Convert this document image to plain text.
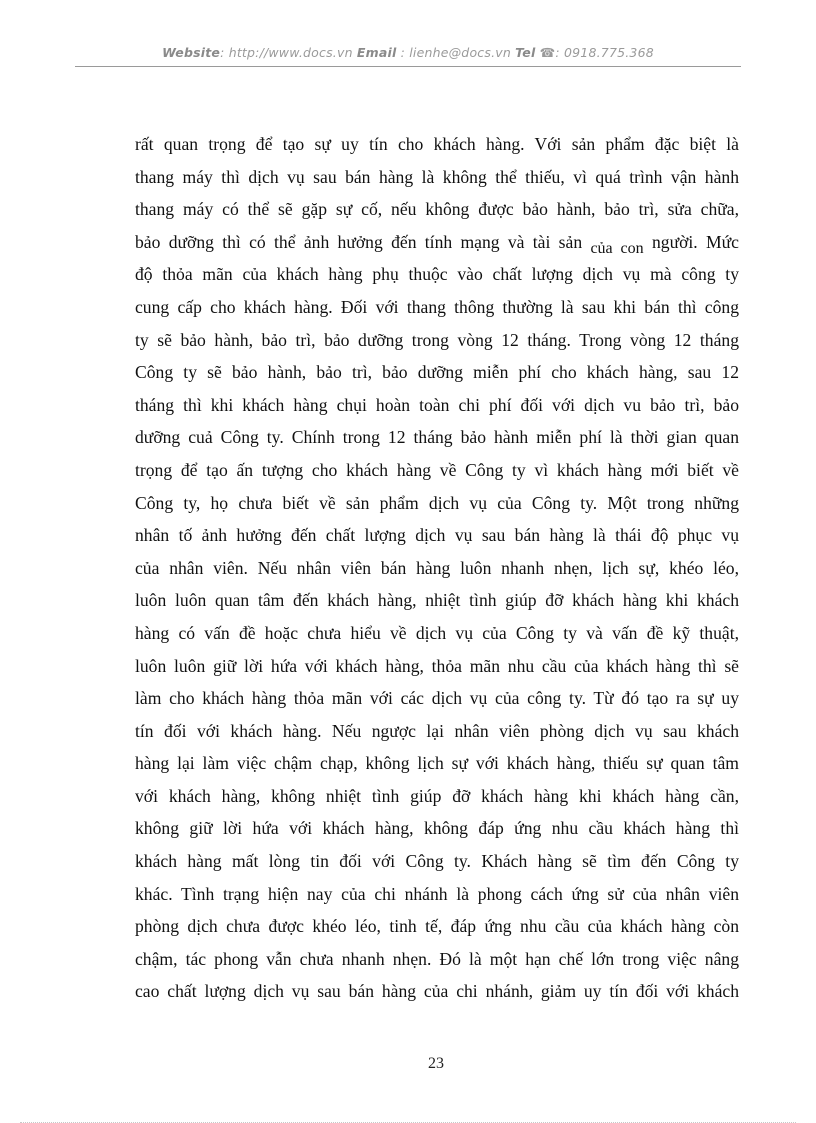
Website: http://www.docs.vn Email : lienhe@docs.vn Tel ☎: 0918.775.368
rất quan trọng để tạo sự uy tín cho khách hàng. Với sản phẩm đặc biệt là
thang máy thì dịch vụ sau bán hàng là không thể thiếu, vì quá trình vận hành
thang máy có thể sẽ gặp sự cố, nếu không được bảo hành, bảo trì, sửa chữa,
bảo dưỡng thì có thể ảnh hưởng đến tính mạng và tài sản của con người. Mức
độ thỏa mãn của khách hàng phụ thuộc vào chất lượng dịch vụ mà công ty
cung cấp cho khách hàng. Đối với thang thông thường là sau khi bán thì công
ty sẽ bảo hành, bảo trì, bảo dưỡng trong vòng 12 tháng. Trong vòng 12 tháng
Công ty sẽ bảo hành, bảo trì, bảo dưỡng miễn phí cho khách hàng, sau 12
tháng thì khi khách hàng chụi hoàn toàn chi phí đối với dịch vu bảo trì, bảo
dưỡng cuả Công ty. Chính trong 12 tháng bảo hành miễn phí là thời gian quan
trọng để tạo ấn tượng cho khách hàng về Công ty vì khách hàng mới biết về
Công ty, họ chưa biết về sản phẩm dịch vụ của Công ty. Một trong những
nhân tố ảnh hưởng đến chất lượng dịch vụ sau bán hàng là thái độ phục vụ
của nhân viên. Nếu nhân viên bán hàng luôn nhanh nhẹn, lịch sự, khéo léo,
luôn luôn quan tâm đến khách hàng, nhiệt tình giúp đỡ khách hàng khi khách
hàng có vấn đề hoặc chưa hiểu về dịch vụ của Công ty và vấn đề kỹ thuật,
luôn luôn giữ lời hứa với khách hàng, thỏa mãn nhu cầu của khách hàng thì sẽ
làm cho khách hàng thỏa mãn với các dịch vụ của công ty. Từ đó tạo ra sự uy
tín đối với khách hàng. Nếu ngược lại nhân viên phòng dịch vụ sau khách
hàng lại làm việc chậm chạp, không lịch sự với khách hàng, thiếu sự quan tâm
với khách hàng, không nhiệt tình giúp đỡ khách hàng khi khách hàng cần,
không giữ lời hứa với khách hàng, không đáp ứng nhu cầu khách hàng thì
khách hàng mất lòng tin đối với Công ty. Khách hàng sẽ tìm đến Công ty
khác. Tình trạng hiện nay của chi nhánh là phong cách ứng sử của nhân viên
phòng dịch chưa được khéo léo, tinh tế, đáp ứng nhu cầu của khách hàng còn
chậm, tác phong vẫn chưa nhanh nhẹn. Đó là một hạn chế lớn trong việc nâng
cao chất lượng dịch vụ sau bán hàng của chi nhánh, giảm uy tín đối với khách
23
